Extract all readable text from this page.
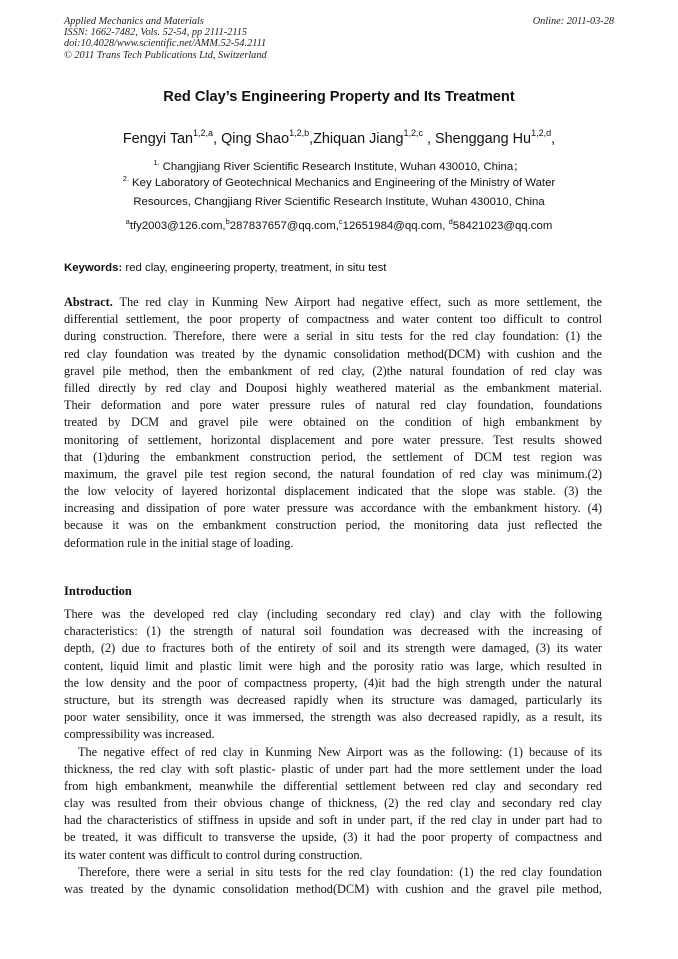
Applied Mechanics and Materials
ISSN: 1662-7482, Vols. 52-54, pp 2111-2115
doi:10.4028/www.scientific.net/AMM.52-54.2111
© 2011 Trans Tech Publications Ltd, Switzerland
Online: 2011-03-28
Red Clay’s Engineering Property and Its Treatment
Fengyi Tan$^{1,2,a}$, Qing Shao$^{1,2,b}$,Zhiquan Jiang$^{1,2,c}$ , Shenggang Hu$^{1,2,d}$,
$^{1.}$ Changjiang River Scientific Research Institute, Wuhan 430010, China；
$^{2.}$ Key Laboratory of Geotechnical Mechanics and Engineering of the Ministry of Water
Resources, Changjiang River Scientific Research Institute, Wuhan 430010, China
$^a$tfy2003@126.com,$^b$287837657@qq.com,$^c$12651984@qq.com, $^d$58421023@qq.com
Keywords: red clay, engineering property, treatment, in situ test
Abstract. The red clay in Kunming New Airport had negative effect, such as more settlement, the
differential settlement, the poor property of compactness and water content too difficult to control
during construction. Therefore, there were a serial in situ tests for the red clay foundation: (1) the
red clay foundation was treated by the dynamic consolidation method(DCM) with cushion and the
gravel pile method, then the embankment of red clay, (2)the natural foundation of red clay was
filled directly by red clay and Douposi highly weathered material as the embankment material.
Their deformation and pore water pressure rules of natural red clay foundation, foundations
treated by DCM and gravel pile were obtained on the condition of high embankment by
monitoring of settlement, horizontal displacement and pore water pressure. Test results showed
that (1)during the embankment construction period, the settlement of DCM test region was
maximum, the gravel pile test region second, the natural foundation of red clay was minimum.(2)
the low velocity of layered horizontal displacement indicated that the slope was stable. (3) the
increasing and dissipation of pore water pressure was accordance with the embankment history. (4)
because it was on the embankment construction period, the monitoring data just reflected the
deformation rule in the initial stage of loading.
Introduction
There was the developed red clay (including secondary red clay) and clay with the following
characteristics: (1) the strength of natural soil foundation was decreased with the increasing of
depth, (2) due to fractures both of the entirety of soil and its strength were damaged, (3) its water
content, liquid limit and plastic limit were high and the porosity ratio was large, which resulted in
the low density and the poor of compactness property, (4)it had the high strength under the natural
structure, but its strength was decreased rapidly when its structure was damaged, particularly its
poor water sensibility, once it was immersed, the strength was also decreased rapidly, as a result, its
compressibility was increased.
The negative effect of red clay in Kunming New Airport was as the following: (1) because of its
thickness, the red clay with soft plastic- plastic of under part had the more settlement under the load
from high embankment, meanwhile the differential settlement between red clay and secondary red
clay was resulted from their obvious change of thickness, (2) the red clay and secondary red clay
had the characteristics of stiffness in upside and soft in under part, if the red clay in under part had to
be treated, it was difficult to transverse the upside, (3) it had the poor property of compactness and
its water content was difficult to control during construction.
Therefore, there were a serial in situ tests for the red clay foundation: (1) the red clay foundation
was treated by the dynamic consolidation method(DCM) with cushion and the gravel pile method,
